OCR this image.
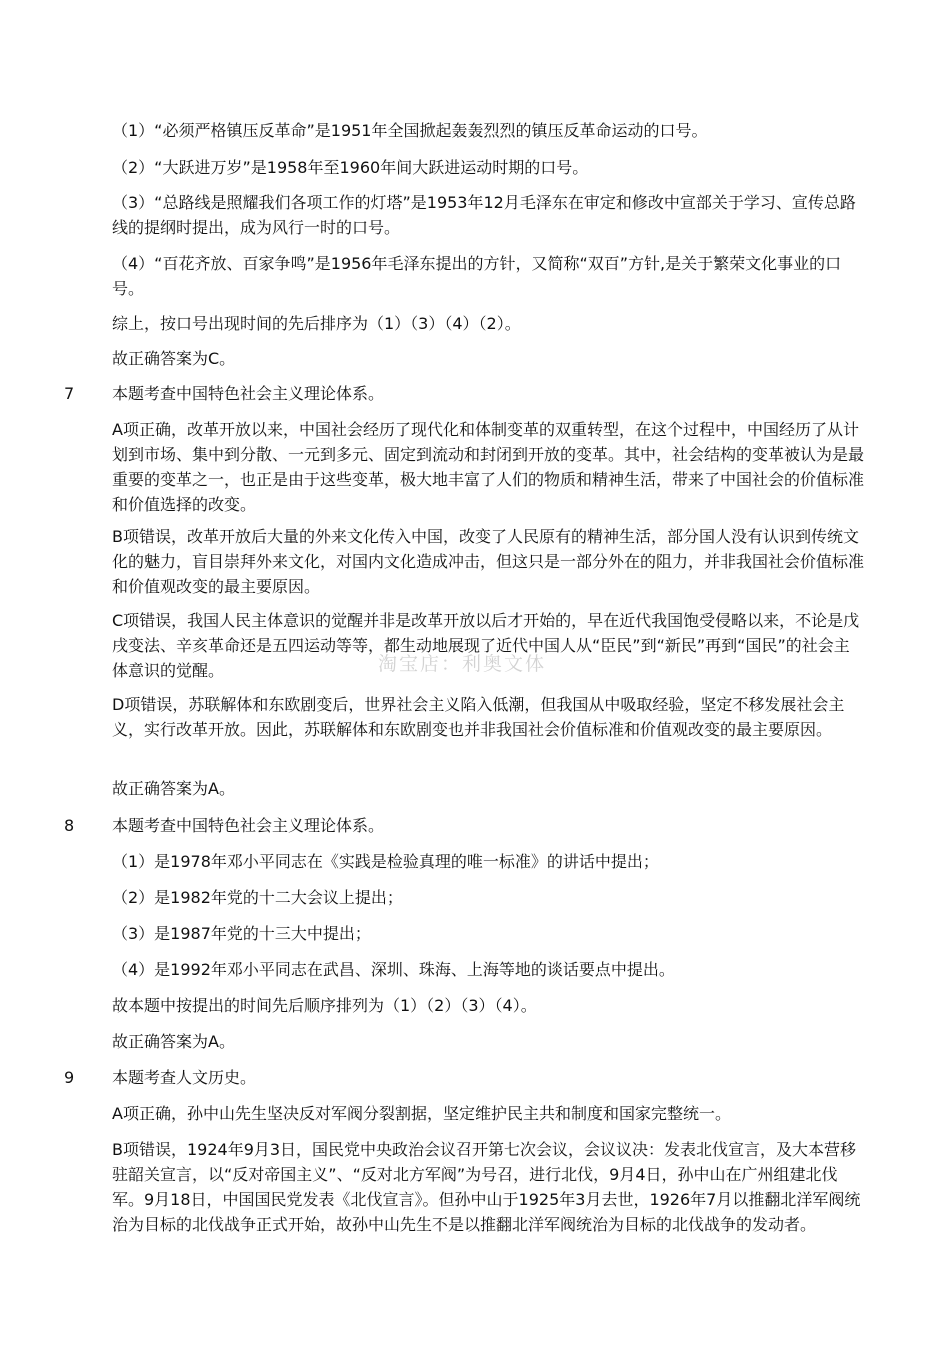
（1）“必须严格镇压反革命”是1951年全国掀起轰轰烈烈的镇压反革命运动的口号。

（2）“大跃进万岁”是1958年至1960年间大跃进运动时期的口号。

（3）“总路线是照耀我们各项工作的灯塔”是1953年12月毛泽东在审定和修改中宣部关于学习、宣传总路线的提纲时提出，成为风行一时的口号。

（4）“百花齐放、百家争鸣”是1956年毛泽东提出的方针，又简称“双百”方针,是关于繁荣文化事业的口号。

综上，按口号出现时间的先后排序为（1）（3）（4）（2）。

故正确答案为C。

7	本题考查中国特色社会主义理论体系。

A项正确，改革开放以来，中国社会经历了现代化和体制变革的双重转型，在这个过程中，中国经历了从计划到市场、集中到分散、一元到多元、固定到流动和封闭到开放的变革。其中，社会结构的变革被认为是最重要的变革之一，也正是由于这些变革，极大地丰富了人们的物质和精神生活，带来了中国社会的价值标准和价值选择的改变。

B项错误，改革开放后大量的外来文化传入中国，改变了人民原有的精神生活，部分国人没有认识到传统文化的魅力，盲目崇拜外来文化，对国内文化造成冲击，但这只是一部分外在的阻力，并非我国社会价值标准和价值观改变的最主要原因。

C项错误，我国人民主体意识的觉醒并非是改革开放以后才开始的，早在近代我国饱受侵略以来，不论是戊戌变法、辛亥革命还是五四运动等等，都生动地展现了近代中国人从“臣民”到“新民”再到“国民”的社会主体意识的觉醒。

D项错误，苏联解体和东欧剧变后，世界社会主义陷入低潮，但我国从中吸取经验，坚定不移发展社会主义，实行改革开放。因此，苏联解体和东欧剧变也并非我国社会价值标准和价值观改变的最主要原因。

故正确答案为A。

8	本题考查中国特色社会主义理论体系。

（1）是1978年邓小平同志在《实践是检验真理的唯一标准》的讲话中提出；

（2）是1982年党的十二大会议上提出；

（3）是1987年党的十三大中提出；

（4）是1992年邓小平同志在武昌、深圳、珠海、上海等地的谈话要点中提出。

故本题中按提出的时间先后顺序排列为（1）（2）（3）（4）。

故正确答案为A。

9	本题考查人文历史。

A项正确，孙中山先生坚决反对军阀分裂割据，坚定维护民主共和制度和国家完整统一。

B项错误，1924年9月3日，国民党中央政治会议召开第七次会议，会议议决：发表北伐宣言，及大本营移驻韶关宣言，以“反对帝国主义”、“反对北方军阀”为号召，进行北伐，9月4日，孙中山在广州组建北伐军。9月18日，中国国民党发表《北伐宣言》。但孙中山于1925年3月去世，1926年7月以推翻北洋军阀统治为目标的北伐战争正式开始，故孙中山先生不是以推翻北洋军阀统治为目标的北伐战争的发动者。

淘宝店：利奥文体
